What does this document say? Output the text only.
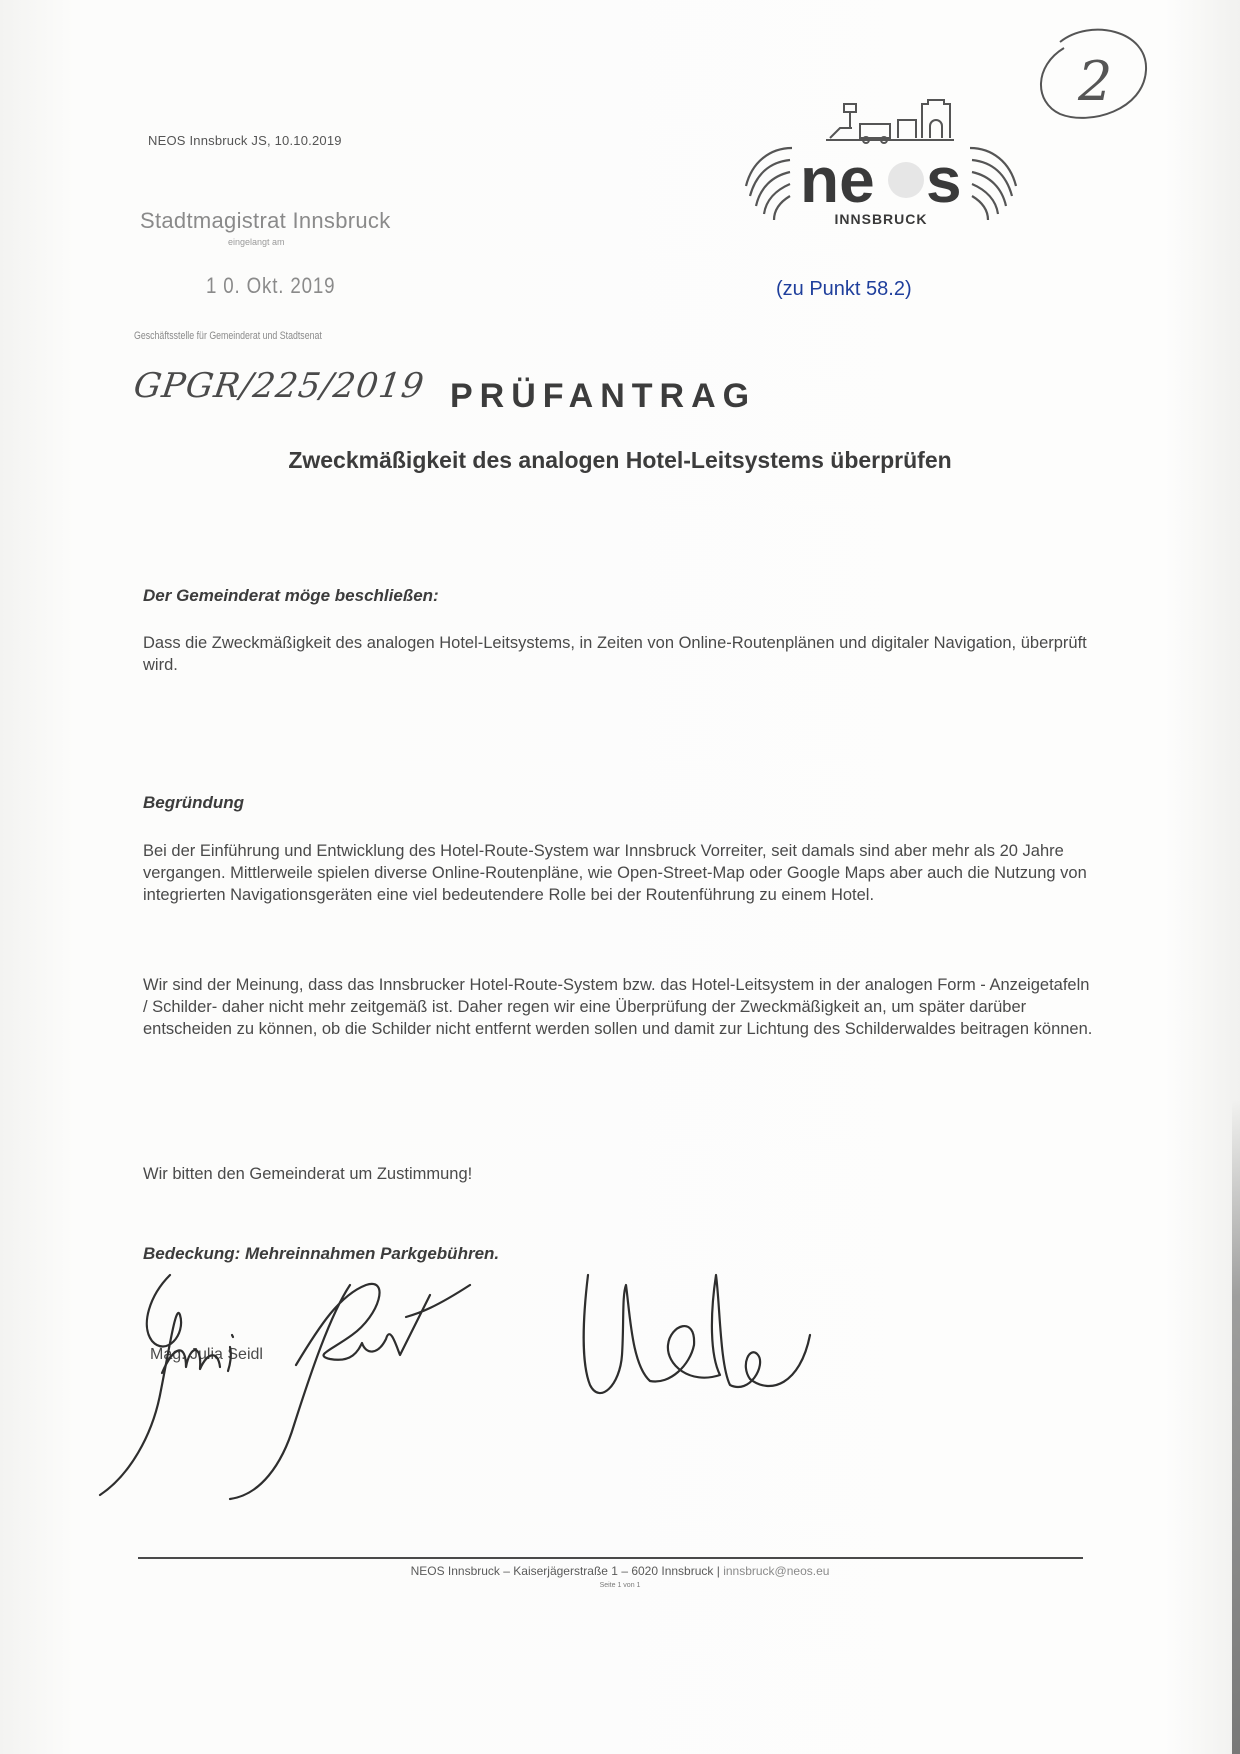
NEOS Innsbruck JS, 10.10.2019
Stadtmagistrat Innsbruck
eingelangt am
1 0. Okt. 2019
Geschäftsstelle für Gemeinderat und Stadtsenat
GPGR/225/2019
2
ne s
INNSBRUCK
(zu Punkt 58.2)
PRÜFANTRAG
Zweckmäßigkeit des analogen Hotel-Leitsystems überprüfen
Der Gemeinderat möge beschließen:

Dass die Zweckmäßigkeit des analogen Hotel-Leitsystems, in Zeiten von Online-Routenplänen und digitaler Navigation, überprüft wird.

Begründung

Bei der Einführung und Entwicklung des Hotel-Route-System war Innsbruck Vorreiter, seit damals sind aber mehr als 20 Jahre vergangen. Mittlerweile spielen diverse Online-Routenpläne, wie Open-Street-Map oder Google Maps aber auch die Nutzung von integrierten Navigationsgeräten eine viel bedeutendere Rolle bei der Routenführung zu einem Hotel.

Wir sind der Meinung, dass das Innsbrucker Hotel-Route-System bzw. das Hotel-Leitsystem in der analogen Form - Anzeigetafeln / Schilder- daher nicht mehr zeitgemäß ist. Daher regen wir eine Überprüfung der Zweckmäßigkeit an, um später darüber entscheiden zu können, ob die Schilder nicht entfernt werden sollen und damit zur Lichtung des Schilderwaldes beitragen können.

Wir bitten den Gemeinderat um Zustimmung!
Bedeckung: Mehreinnahmen Parkgebühren.
Mag. Julia Seidl
NEOS Innsbruck – Kaiserjägerstraße 1 – 6020 Innsbruck | innsbruck@neos.eu
Seite 1 von 1
